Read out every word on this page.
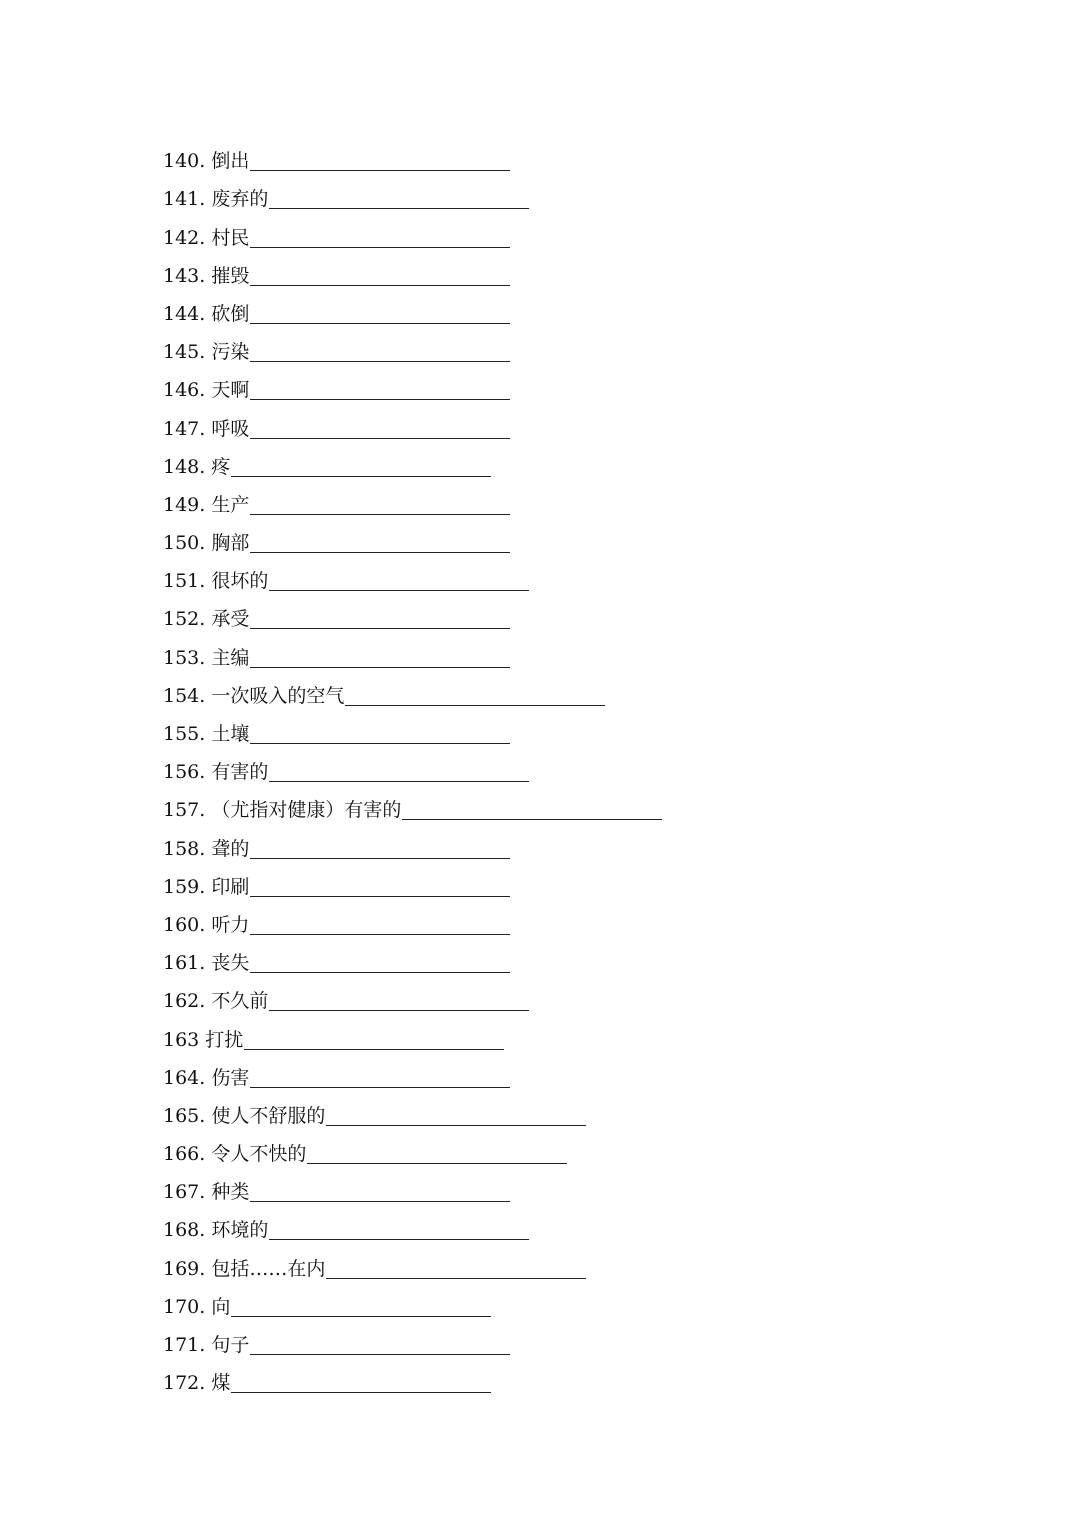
140. 倒出
141. 废弃的
142. 村民
143. 摧毁
144. 砍倒
145. 污染
146. 天啊
147. 呼吸
148. 疼
149. 生产
150. 胸部
151. 很坏的
152. 承受
153. 主编
154. 一次吸入的空气
155. 土壤
156. 有害的
157. （尤指对健康）有害的
158. 聋的
159. 印刷
160. 听力
161. 丧失
162. 不久前
163 打扰
164. 伤害
165. 使人不舒服的
166. 令人不快的
167. 种类
168. 环境的
169. 包括……在内
170. 向
171. 句子
172. 煤
